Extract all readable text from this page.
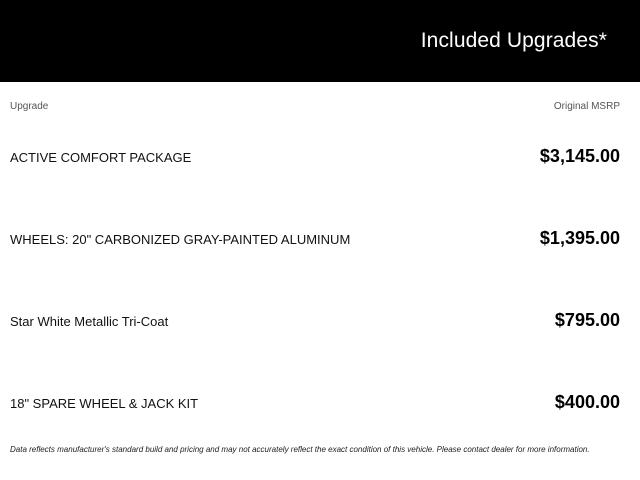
Included Upgrades*
Upgrade	Original MSRP
ACTIVE COMFORT PACKAGE	$3,145.00
WHEELS: 20" CARBONIZED GRAY-PAINTED ALUMINUM	$1,395.00
Star White Metallic Tri-Coat	$795.00
18" SPARE WHEEL & JACK KIT	$400.00
Data reflects manufacturer's standard build and pricing and may not accurately reflect the exact condition of this vehicle. Please contact dealer for more information.
